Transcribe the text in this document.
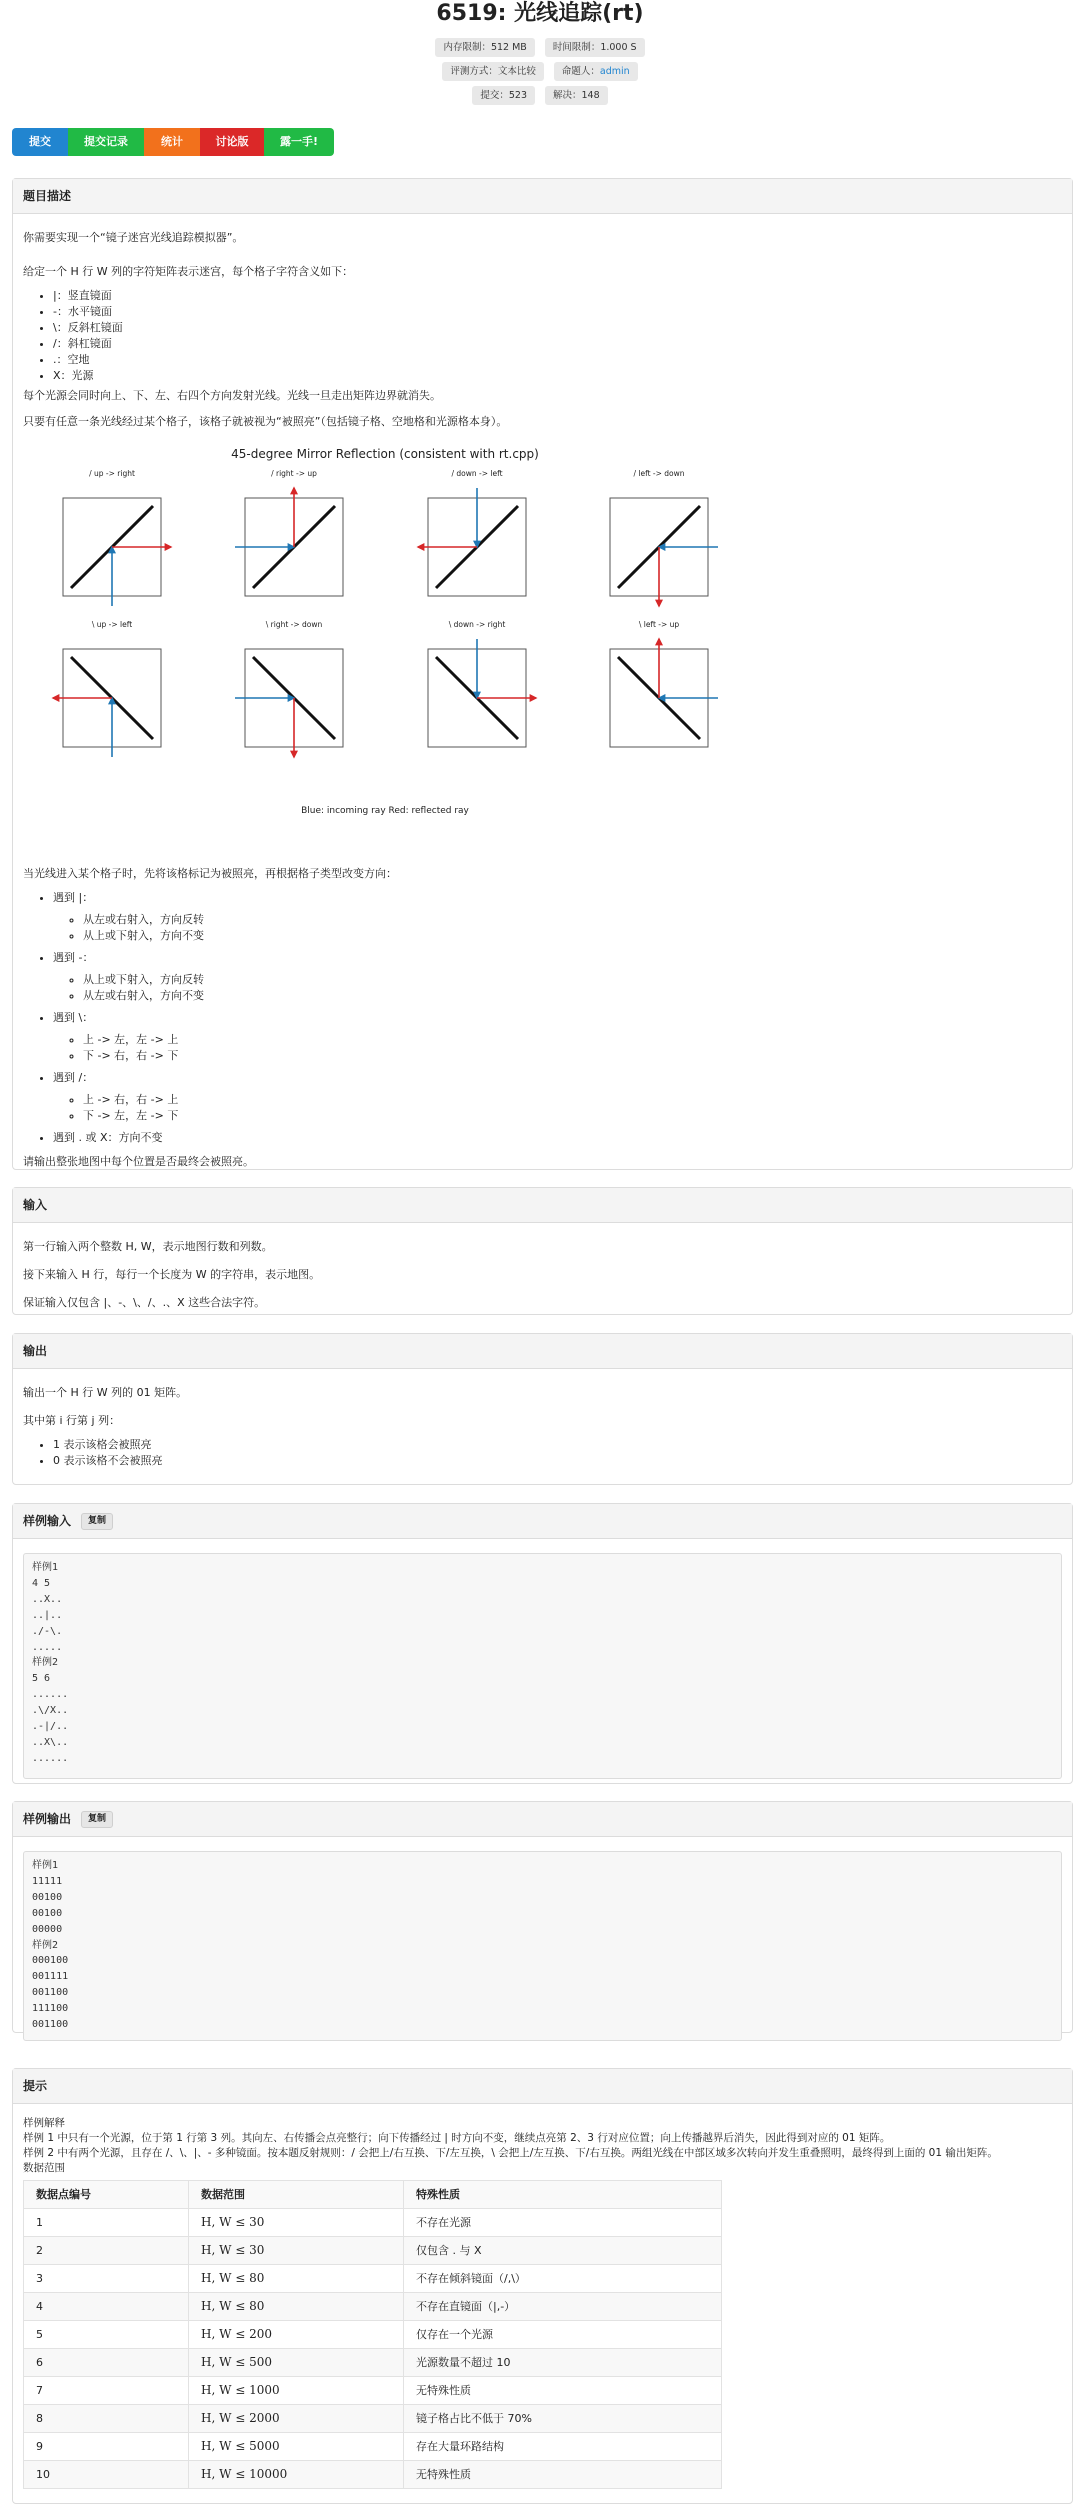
6519: 光线追踪(rt)
内存限制：512 MB	时间限制：1.000 S
评测方式：文本比较	命题人：admin
提交：523	解决：148
提交	提交记录	统计	讨论版	露一手!
题目描述

你需要实现一个“镜子迷宫光线追踪模拟器”。

给定一个 H 行 W 列的字符矩阵表示迷宫，每个格子字符含义如下：

• |：竖直镜面
• -：水平镜面
• \：反斜杠镜面
• /：斜杠镜面
• .：空地
• X：光源

每个光源会同时向上、下、左、右四个方向发射光线。光线一旦走出矩阵边界就消失。

只要有任意一条光线经过某个格子，该格子就被视为“被照亮”（包括镜子格、空地格和光源格本身）。

45-degree Mirror Reflection (consistent with rt.cpp)
/ up -> right	/ right -> up	/ down -> left	/ left -> down
\ up -> left	\ right -> down	\ down -> right	\ left -> up
Blue: incoming ray Red: reflected ray

当光线进入某个格子时，先将该格标记为被照亮，再根据格子类型改变方向：

• 遇到 |：
◦ 从左或右射入，方向反转
◦ 从上或下射入，方向不变
• 遇到 -：
◦ 从上或下射入，方向反转
◦ 从左或右射入，方向不变
• 遇到 \：
◦ 上 -> 左，左 -> 上
◦ 下 -> 右，右 -> 下
• 遇到 /：
◦ 上 -> 右，右 -> 上
◦ 下 -> 左，左 -> 下
• 遇到 . 或 X：方向不变

请输出整张地图中每个位置是否最终会被照亮。

输入

第一行输入两个整数 H, W，表示地图行数和列数。

接下来输入 H 行，每行一个长度为 W 的字符串，表示地图。

保证输入仅包含 |、-、\、/、.、X 这些合法字符。

输出

输出一个 H 行 W 列的 01 矩阵。

其中第 i 行第 j 列：

• 1 表示该格会被照亮
• 0 表示该格不会被照亮
样例输入 复制
样例1
4 5
..X..
..|..
./-\.
.....
样例2
5 6
......
.\/X..
.-|/..
..X\..
......
样例输出 复制
样例1
11111
00100
00100
00000
样例2
000100
001111
001100
111100
001100
提示
样例解释
样例 1 中只有一个光源，位于第 1 行第 3 列。其向左、右传播会点亮整行；向下传播经过 | 时方向不变，继续点亮第 2、3 行对应位置；向上传播越界后消失，因此得到对应的 01 矩阵。
样例 2 中有两个光源，且存在 /、\、|、- 多种镜面。按本题反射规则：/ 会把上/右互换、下/左互换，\ 会把上/左互换、下/右互换。两组光线在中部区域多次转向并发生重叠照明，最终得到上面的 01 输出矩阵。
数据范围
数据点编号	数据范围	特殊性质
1	H, W ≤ 30	不存在光源
2	H, W ≤ 30	仅包含 . 与 X
3	H, W ≤ 80	不存在倾斜镜面（/,\）
4	H, W ≤ 80	不存在直镜面（|,-）
5	H, W ≤ 200	仅存在一个光源
6	H, W ≤ 500	光源数量不超过 10
7	H, W ≤ 1000	无特殊性质
8	H, W ≤ 2000	镜子格占比不低于 70%
9	H, W ≤ 5000	存在大量环路结构
10	H, W ≤ 10000	无特殊性质
